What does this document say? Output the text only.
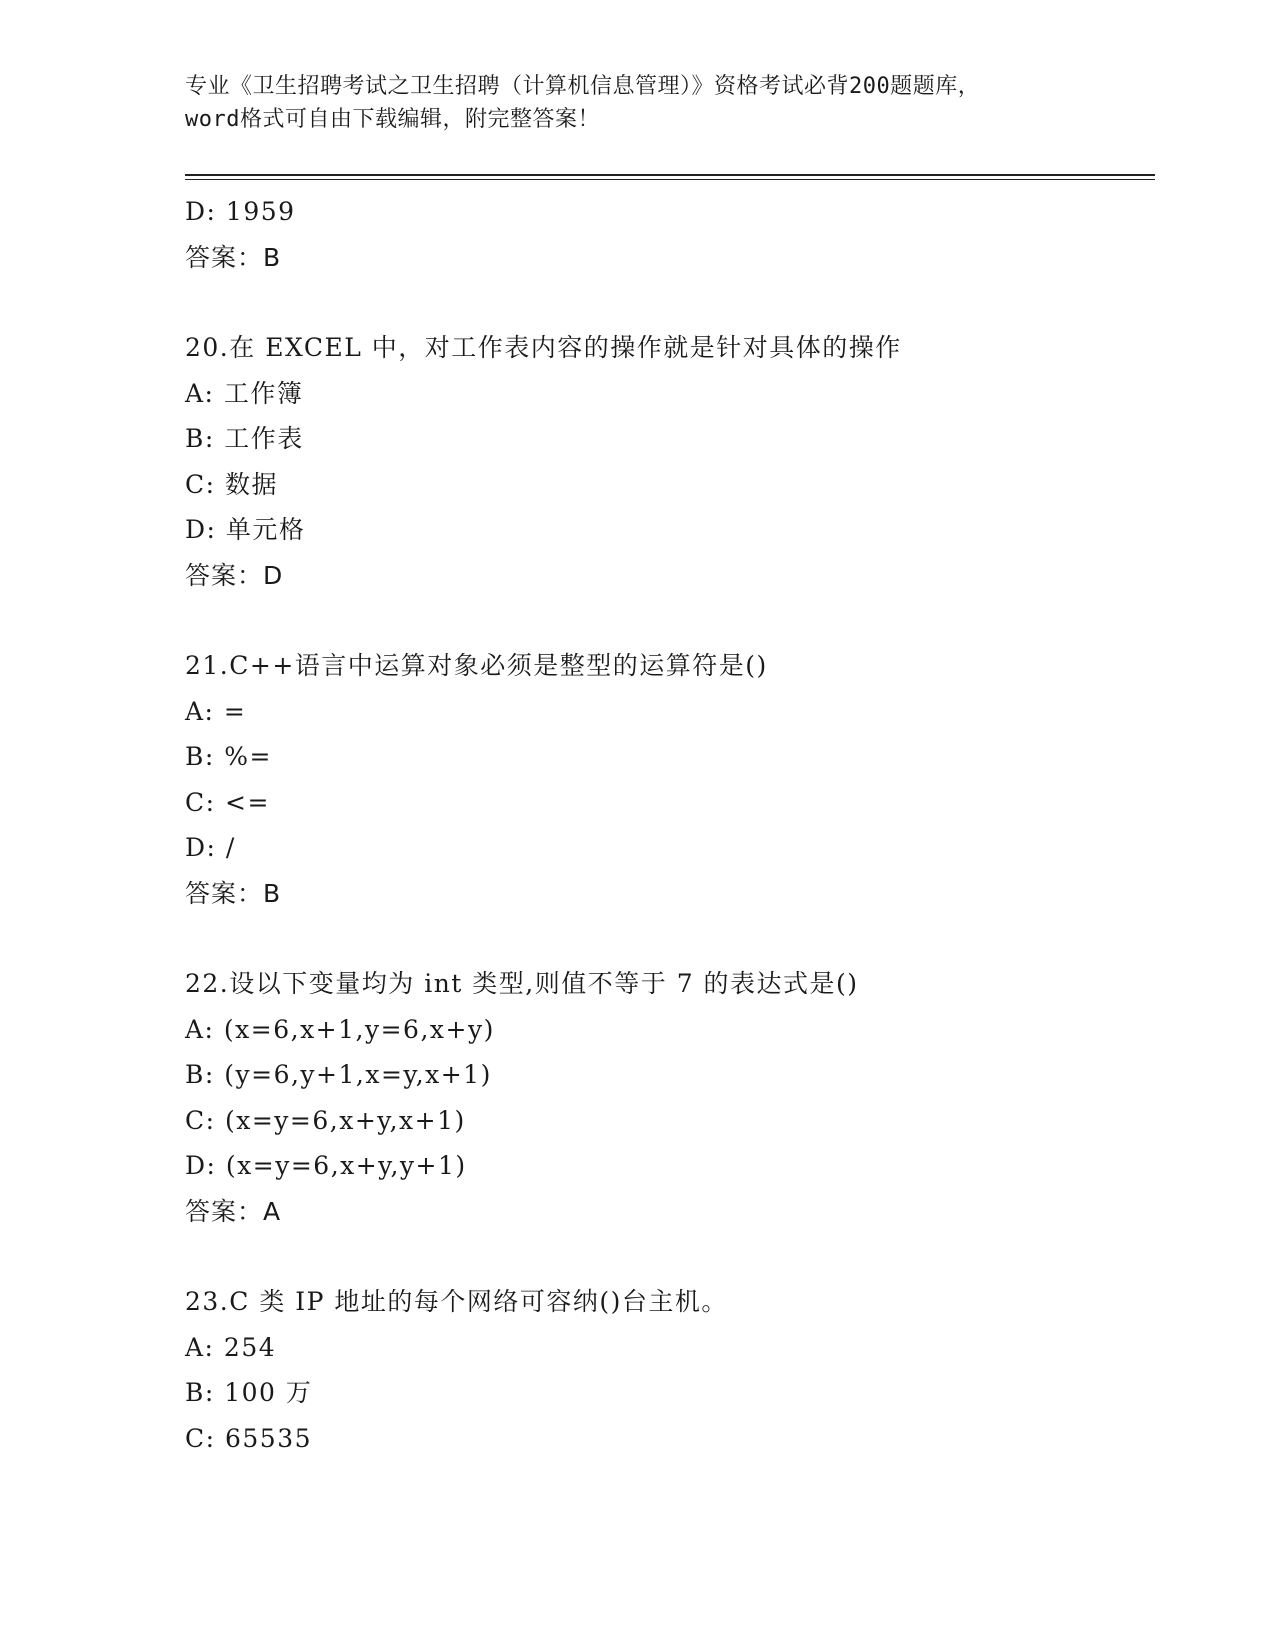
专业《卫生招聘考试之卫生招聘（计算机信息管理）》资格考试必背200题题库，
word格式可自由下载编辑，附完整答案！
D: 1959
答案：B
20.在 EXCEL 中，对工作表内容的操作就是针对具体的操作
A: 工作簿
B: 工作表
C: 数据
D: 单元格
答案：D
21.C++语言中运算对象必须是整型的运算符是()
A: =
B: %=
C: <=
D: /
答案：B
22.设以下变量均为 int 类型,则值不等于 7 的表达式是()
A: (x=6,x+1,y=6,x+y)
B: (y=6,y+1,x=y,x+1)
C: (x=y=6,x+y,x+1)
D: (x=y=6,x+y,y+1)
答案：A
23.C 类 IP 地址的每个网络可容纳()台主机。
A: 254
B: 100 万
C: 65535
